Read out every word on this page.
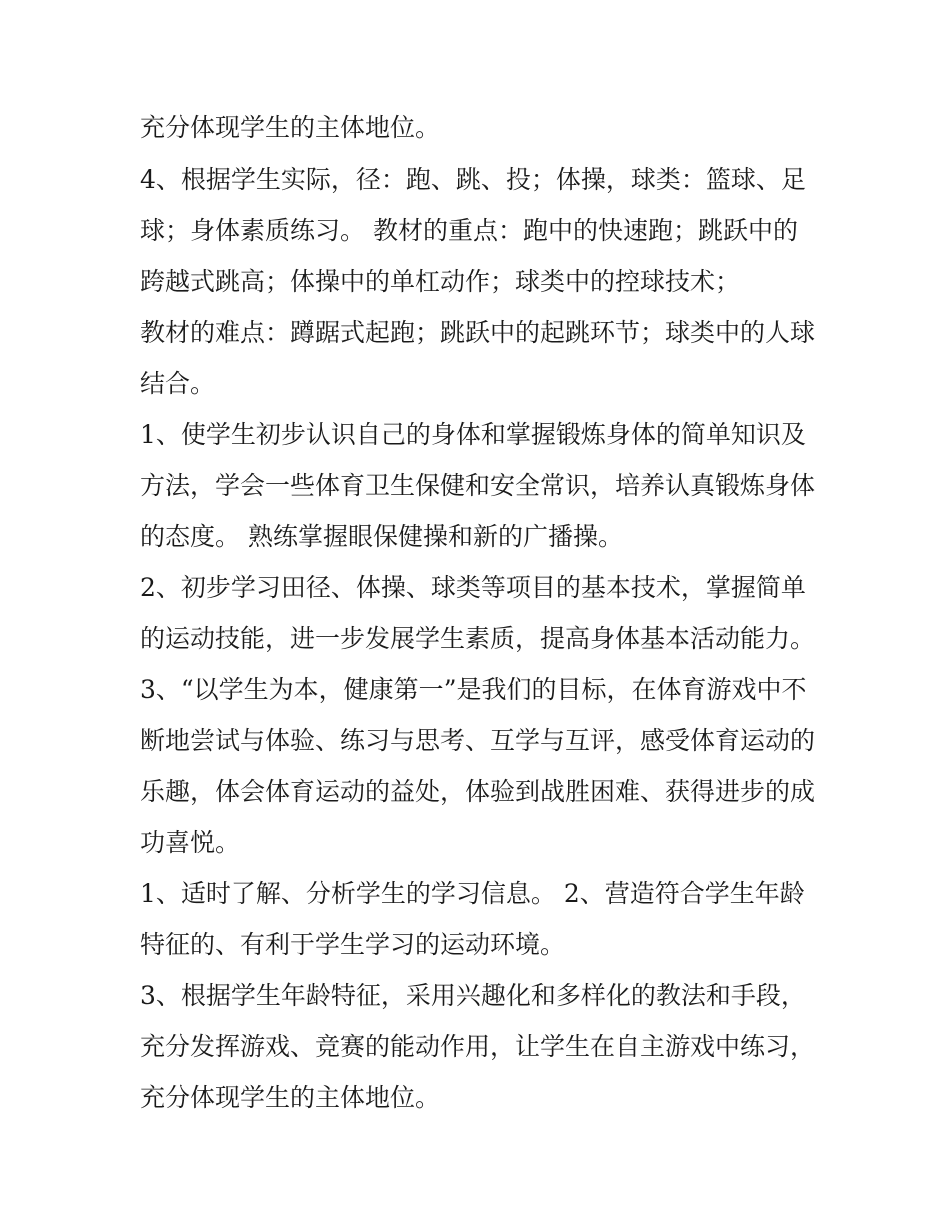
充分体现学生的主体地位。
4、根据学生实际，径：跑、跳、投；体操，球类：篮球、足
球；身体素质练习。 教材的重点：跑中的快速跑；跳跃中的
跨越式跳高；体操中的单杠动作；球类中的控球技术；
教材的难点：蹲踞式起跑；跳跃中的起跳环节；球类中的人球
结合。
1、使学生初步认识自己的身体和掌握锻炼身体的简单知识及
方法，学会一些体育卫生保健和安全常识，培养认真锻炼身体
的态度。 熟练掌握眼保健操和新的广播操。
2、初步学习田径、体操、球类等项目的基本技术，掌握简单
的运动技能，进一步发展学生素质，提高身体基本活动能力。
3、“以学生为本，健康第一”是我们的目标，在体育游戏中不
断地尝试与体验、练习与思考、互学与互评，感受体育运动的
乐趣，体会体育运动的益处，体验到战胜困难、获得进步的成
功喜悦。
1、适时了解、分析学生的学习信息。 2、营造符合学生年龄
特征的、有利于学生学习的运动环境。
3、根据学生年龄特征，采用兴趣化和多样化的教法和手段，
充分发挥游戏、竞赛的能动作用，让学生在自主游戏中练习，
充分体现学生的主体地位。
